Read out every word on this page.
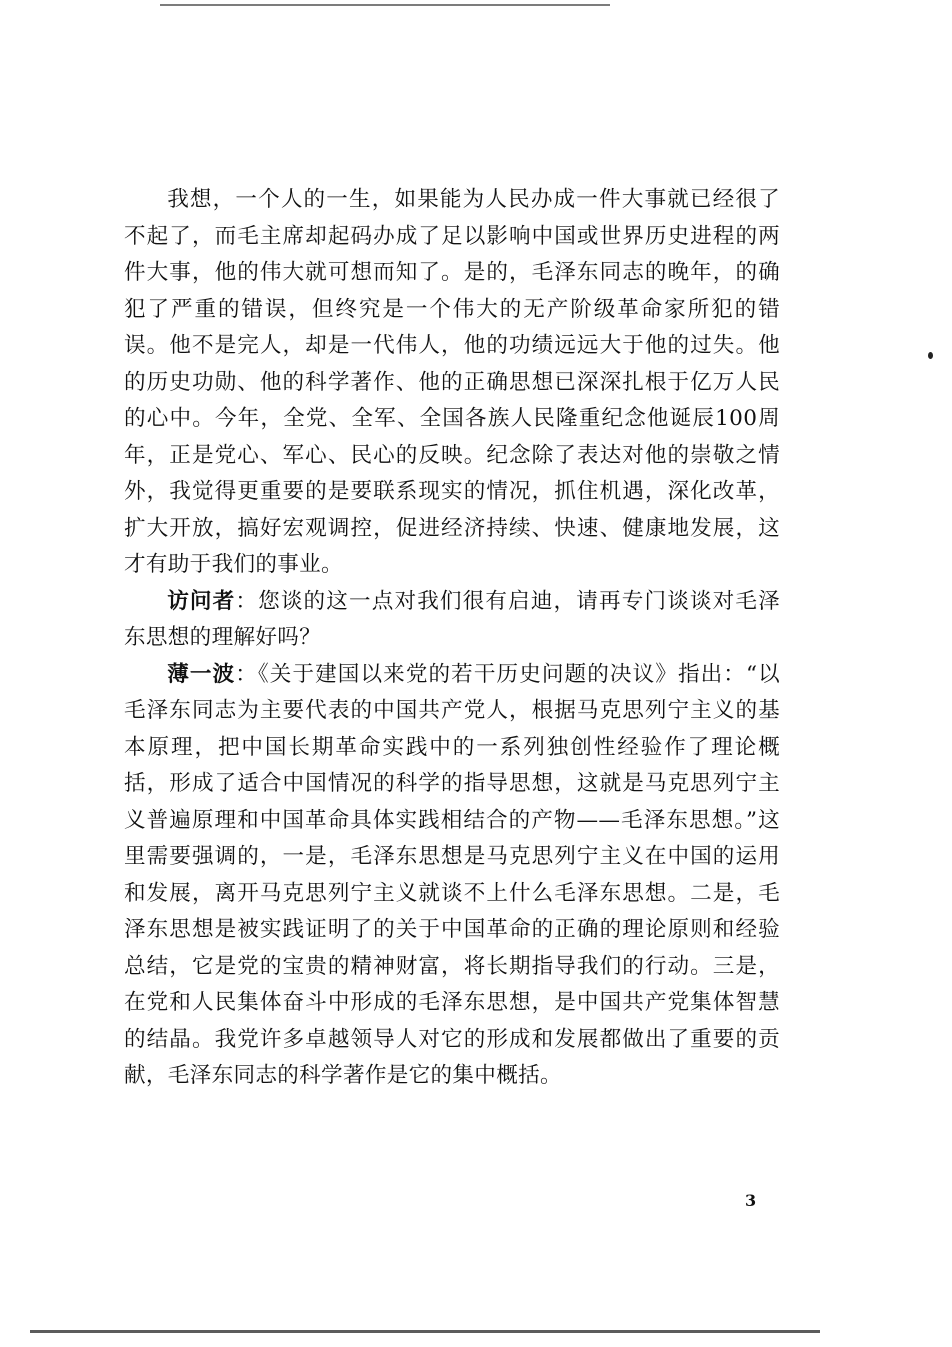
我想，一个人的一生，如果能为人民办成一件大事就已经很了不起了，而毛主席却起码办成了足以影响中国或世界历史进程的两件大事，他的伟大就可想而知了。是的，毛泽东同志的晚年，的确犯了严重的错误，但终究是一个伟大的无产阶级革命家所犯的错误。他不是完人，却是一代伟人，他的功绩远远大于他的过失。他的历史功勋、他的科学著作、他的正确思想已深深扎根于亿万人民的心中。今年，全党、全军、全国各族人民隆重纪念他诞辰100周年，正是党心、军心、民心的反映。纪念除了表达对他的崇敬之情外，我觉得更重要的是要联系现实的情况，抓住机遇，深化改革，扩大开放，搞好宏观调控，促进经济持续、快速、健康地发展，这才有助于我们的事业。

访问者：您谈的这一点对我们很有启迪，请再专门谈谈对毛泽东思想的理解好吗？

薄一波：《关于建国以来党的若干历史问题的决议》指出：“以毛泽东同志为主要代表的中国共产党人，根据马克思列宁主义的基本原理，把中国长期革命实践中的一系列独创性经验作了理论概括，形成了适合中国情况的科学的指导思想，这就是马克思列宁主义普遍原理和中国革命具体实践相结合的产物——毛泽东思想。”这里需要强调的，一是，毛泽东思想是马克思列宁主义在中国的运用和发展，离开马克思列宁主义就谈不上什么毛泽东思想。二是，毛泽东思想是被实践证明了的关于中国革命的正确的理论原则和经验总结，它是党的宝贵的精神财富，将长期指导我们的行动。三是，在党和人民集体奋斗中形成的毛泽东思想，是中国共产党集体智慧的结晶。我党许多卓越领导人对它的形成和发展都做出了重要的贡献，毛泽东同志的科学著作是它的集中概括。

3
